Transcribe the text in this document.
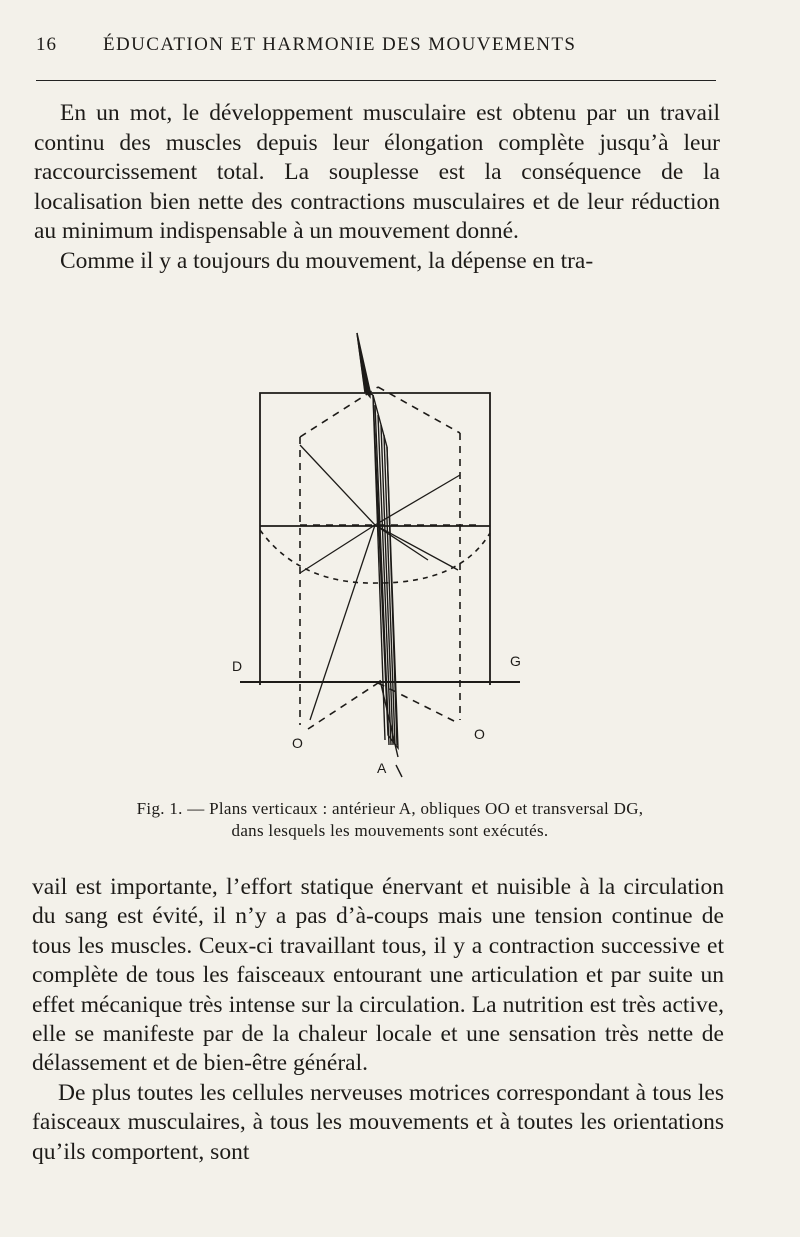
16 ÉDUCATION ET HARMONIE DES MOUVEMENTS

En un mot, le développement musculaire est obtenu par un travail continu des muscles depuis leur élongation complète jusqu’à leur raccourcissement total. La souplesse est la conséquence de la localisation bien nette des contractions musculaires et de leur réduction au minimum indispensable à un mouvement donné.

Comme il y a toujours du mouvement, la dépense en tra-

D	G
O
O
A
Fig. 1. — Plans verticaux : antérieur A, obliques OO et transversal DG,
dans lesquels les mouvements sont exécutés.

vail est importante, l’effort statique énervant et nuisible à la circulation du sang est évité, il n’y a pas d’à-coups mais une tension continue de tous les muscles. Ceux-ci travaillant tous, il y a contraction successive et complète de tous les faisceaux entourant une articulation et par suite un effet mécanique très intense sur la circulation. La nutrition est très active, elle se manifeste par de la chaleur locale et une sensation très nette de délassement et de bien-être général.

De plus toutes les cellules nerveuses motrices correspondant à tous les faisceaux musculaires, à tous les mouvements et à toutes les orientations qu’ils comportent, sont
